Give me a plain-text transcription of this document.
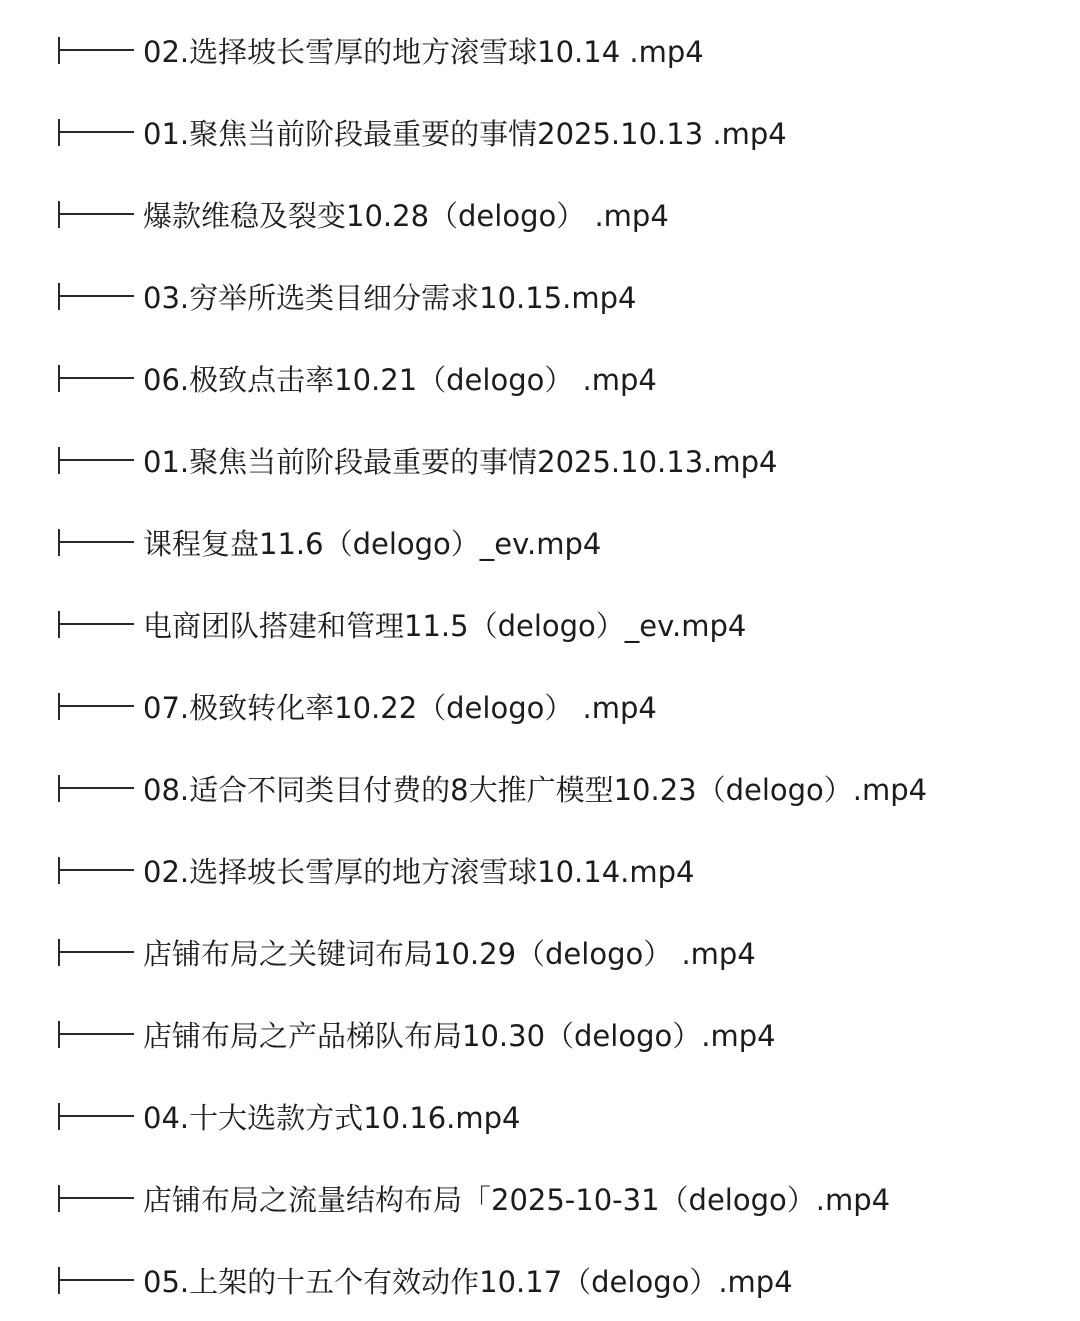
02.选择坡长雪厚的地方滚雪球10.14 .mp4
01.聚焦当前阶段最重要的事情2025.10.13 .mp4
爆款维稳及裂变10.28（delogo） .mp4
03.穷举所选类目细分需求10.15.mp4
06.极致点击率10.21（delogo） .mp4
01.聚焦当前阶段最重要的事情2025.10.13.mp4
课程复盘11.6（delogo）_ev.mp4
电商团队搭建和管理11.5（delogo）_ev.mp4
07.极致转化率10.22（delogo） .mp4
08.适合不同类目付费的8大推广模型10.23（delogo）.mp4
02.选择坡长雪厚的地方滚雪球10.14.mp4
店铺布局之关键词布局10.29（delogo） .mp4
店铺布局之产品梯队布局10.30（delogo）.mp4
04.十大选款方式10.16.mp4
店铺布局之流量结构布局「2025-10-31（delogo）.mp4
05.上架的十五个有效动作10.17（delogo）.mp4
